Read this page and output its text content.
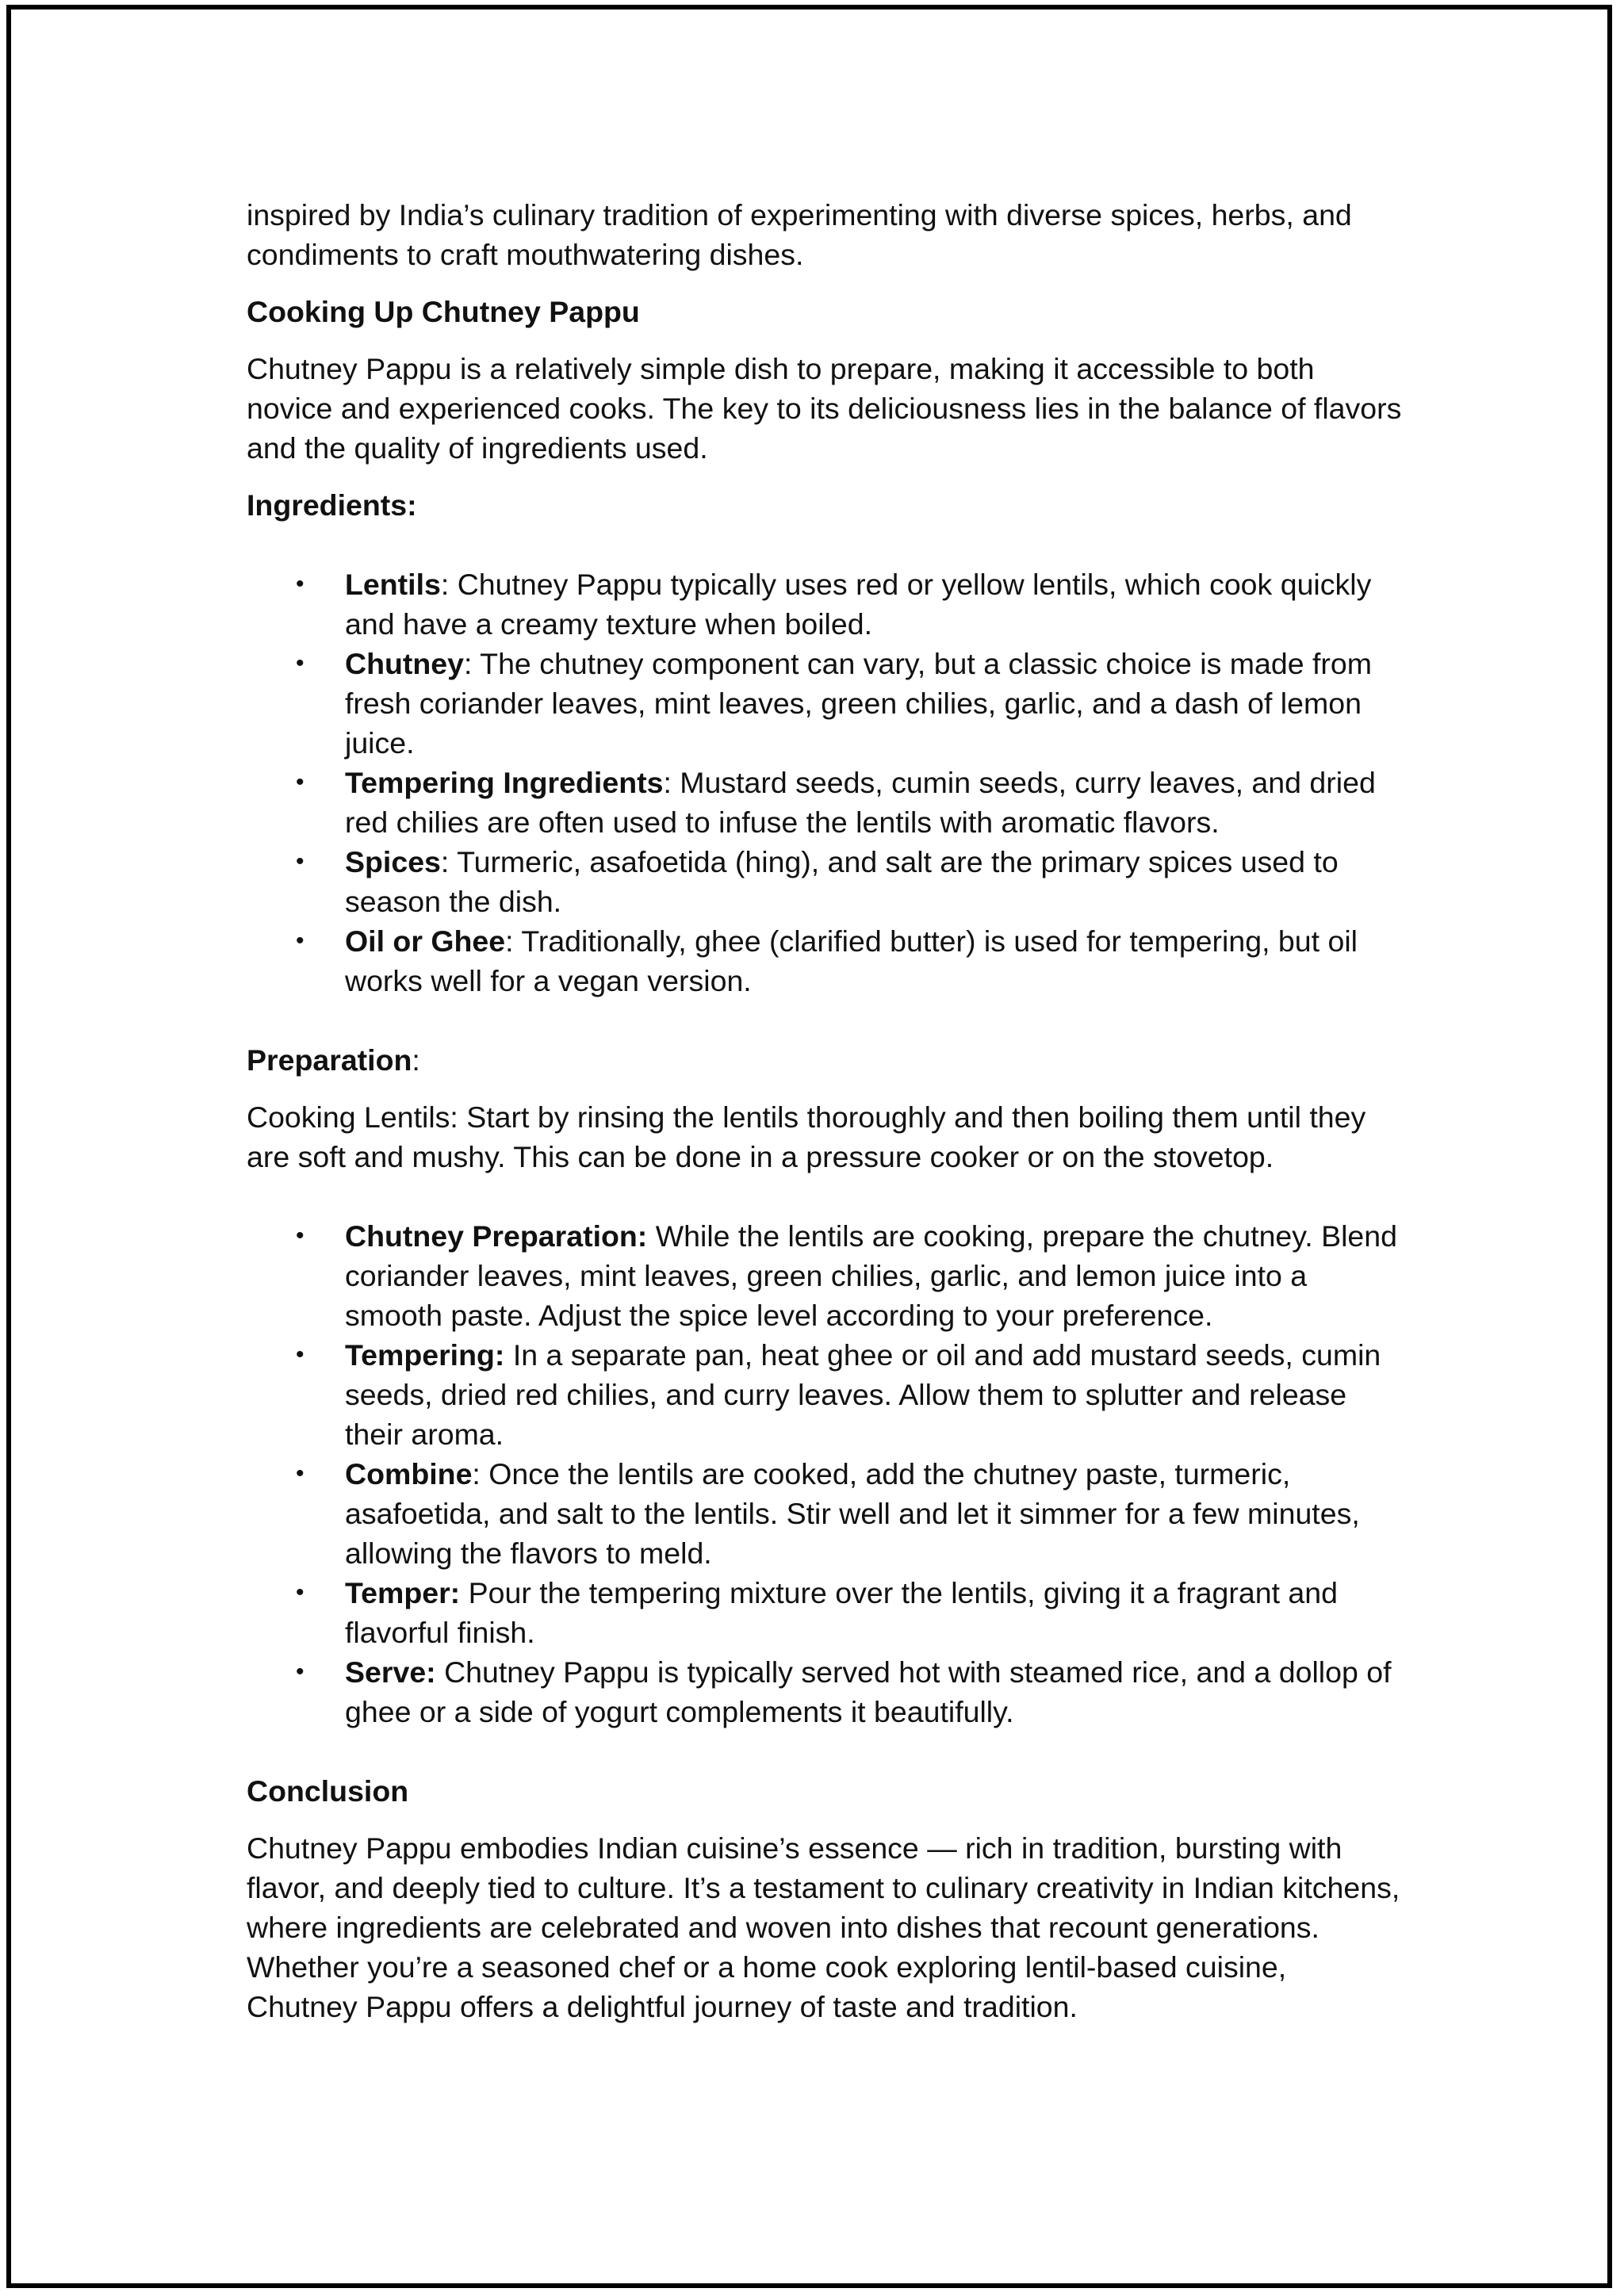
inspired by India’s culinary tradition of experimenting with diverse spices, herbs, and condiments to craft mouthwatering dishes.

Cooking Up Chutney Pappu

Chutney Pappu is a relatively simple dish to prepare, making it accessible to both novice and experienced cooks. The key to its deliciousness lies in the balance of flavors and the quality of ingredients used.

Ingredients:

• Lentils: Chutney Pappu typically uses red or yellow lentils, which cook quickly and have a creamy texture when boiled.
• Chutney: The chutney component can vary, but a classic choice is made from fresh coriander leaves, mint leaves, green chilies, garlic, and a dash of lemon juice.
• Tempering Ingredients: Mustard seeds, cumin seeds, curry leaves, and dried red chilies are often used to infuse the lentils with aromatic flavors.
• Spices: Turmeric, asafoetida (hing), and salt are the primary spices used to season the dish.
• Oil or Ghee: Traditionally, ghee (clarified butter) is used for tempering, but oil works well for a vegan version.

Preparation:

Cooking Lentils: Start by rinsing the lentils thoroughly and then boiling them until they are soft and mushy. This can be done in a pressure cooker or on the stovetop.

• Chutney Preparation: While the lentils are cooking, prepare the chutney. Blend coriander leaves, mint leaves, green chilies, garlic, and lemon juice into a smooth paste. Adjust the spice level according to your preference.
• Tempering: In a separate pan, heat ghee or oil and add mustard seeds, cumin seeds, dried red chilies, and curry leaves. Allow them to splutter and release their aroma.
• Combine: Once the lentils are cooked, add the chutney paste, turmeric, asafoetida, and salt to the lentils. Stir well and let it simmer for a few minutes, allowing the flavors to meld.
• Temper: Pour the tempering mixture over the lentils, giving it a fragrant and flavorful finish.
• Serve: Chutney Pappu is typically served hot with steamed rice, and a dollop of ghee or a side of yogurt complements it beautifully.

Conclusion

Chutney Pappu embodies Indian cuisine’s essence — rich in tradition, bursting with flavor, and deeply tied to culture. It’s a testament to culinary creativity in Indian kitchens, where ingredients are celebrated and woven into dishes that recount generations. Whether you’re a seasoned chef or a home cook exploring lentil-based cuisine, Chutney Pappu offers a delightful journey of taste and tradition.
